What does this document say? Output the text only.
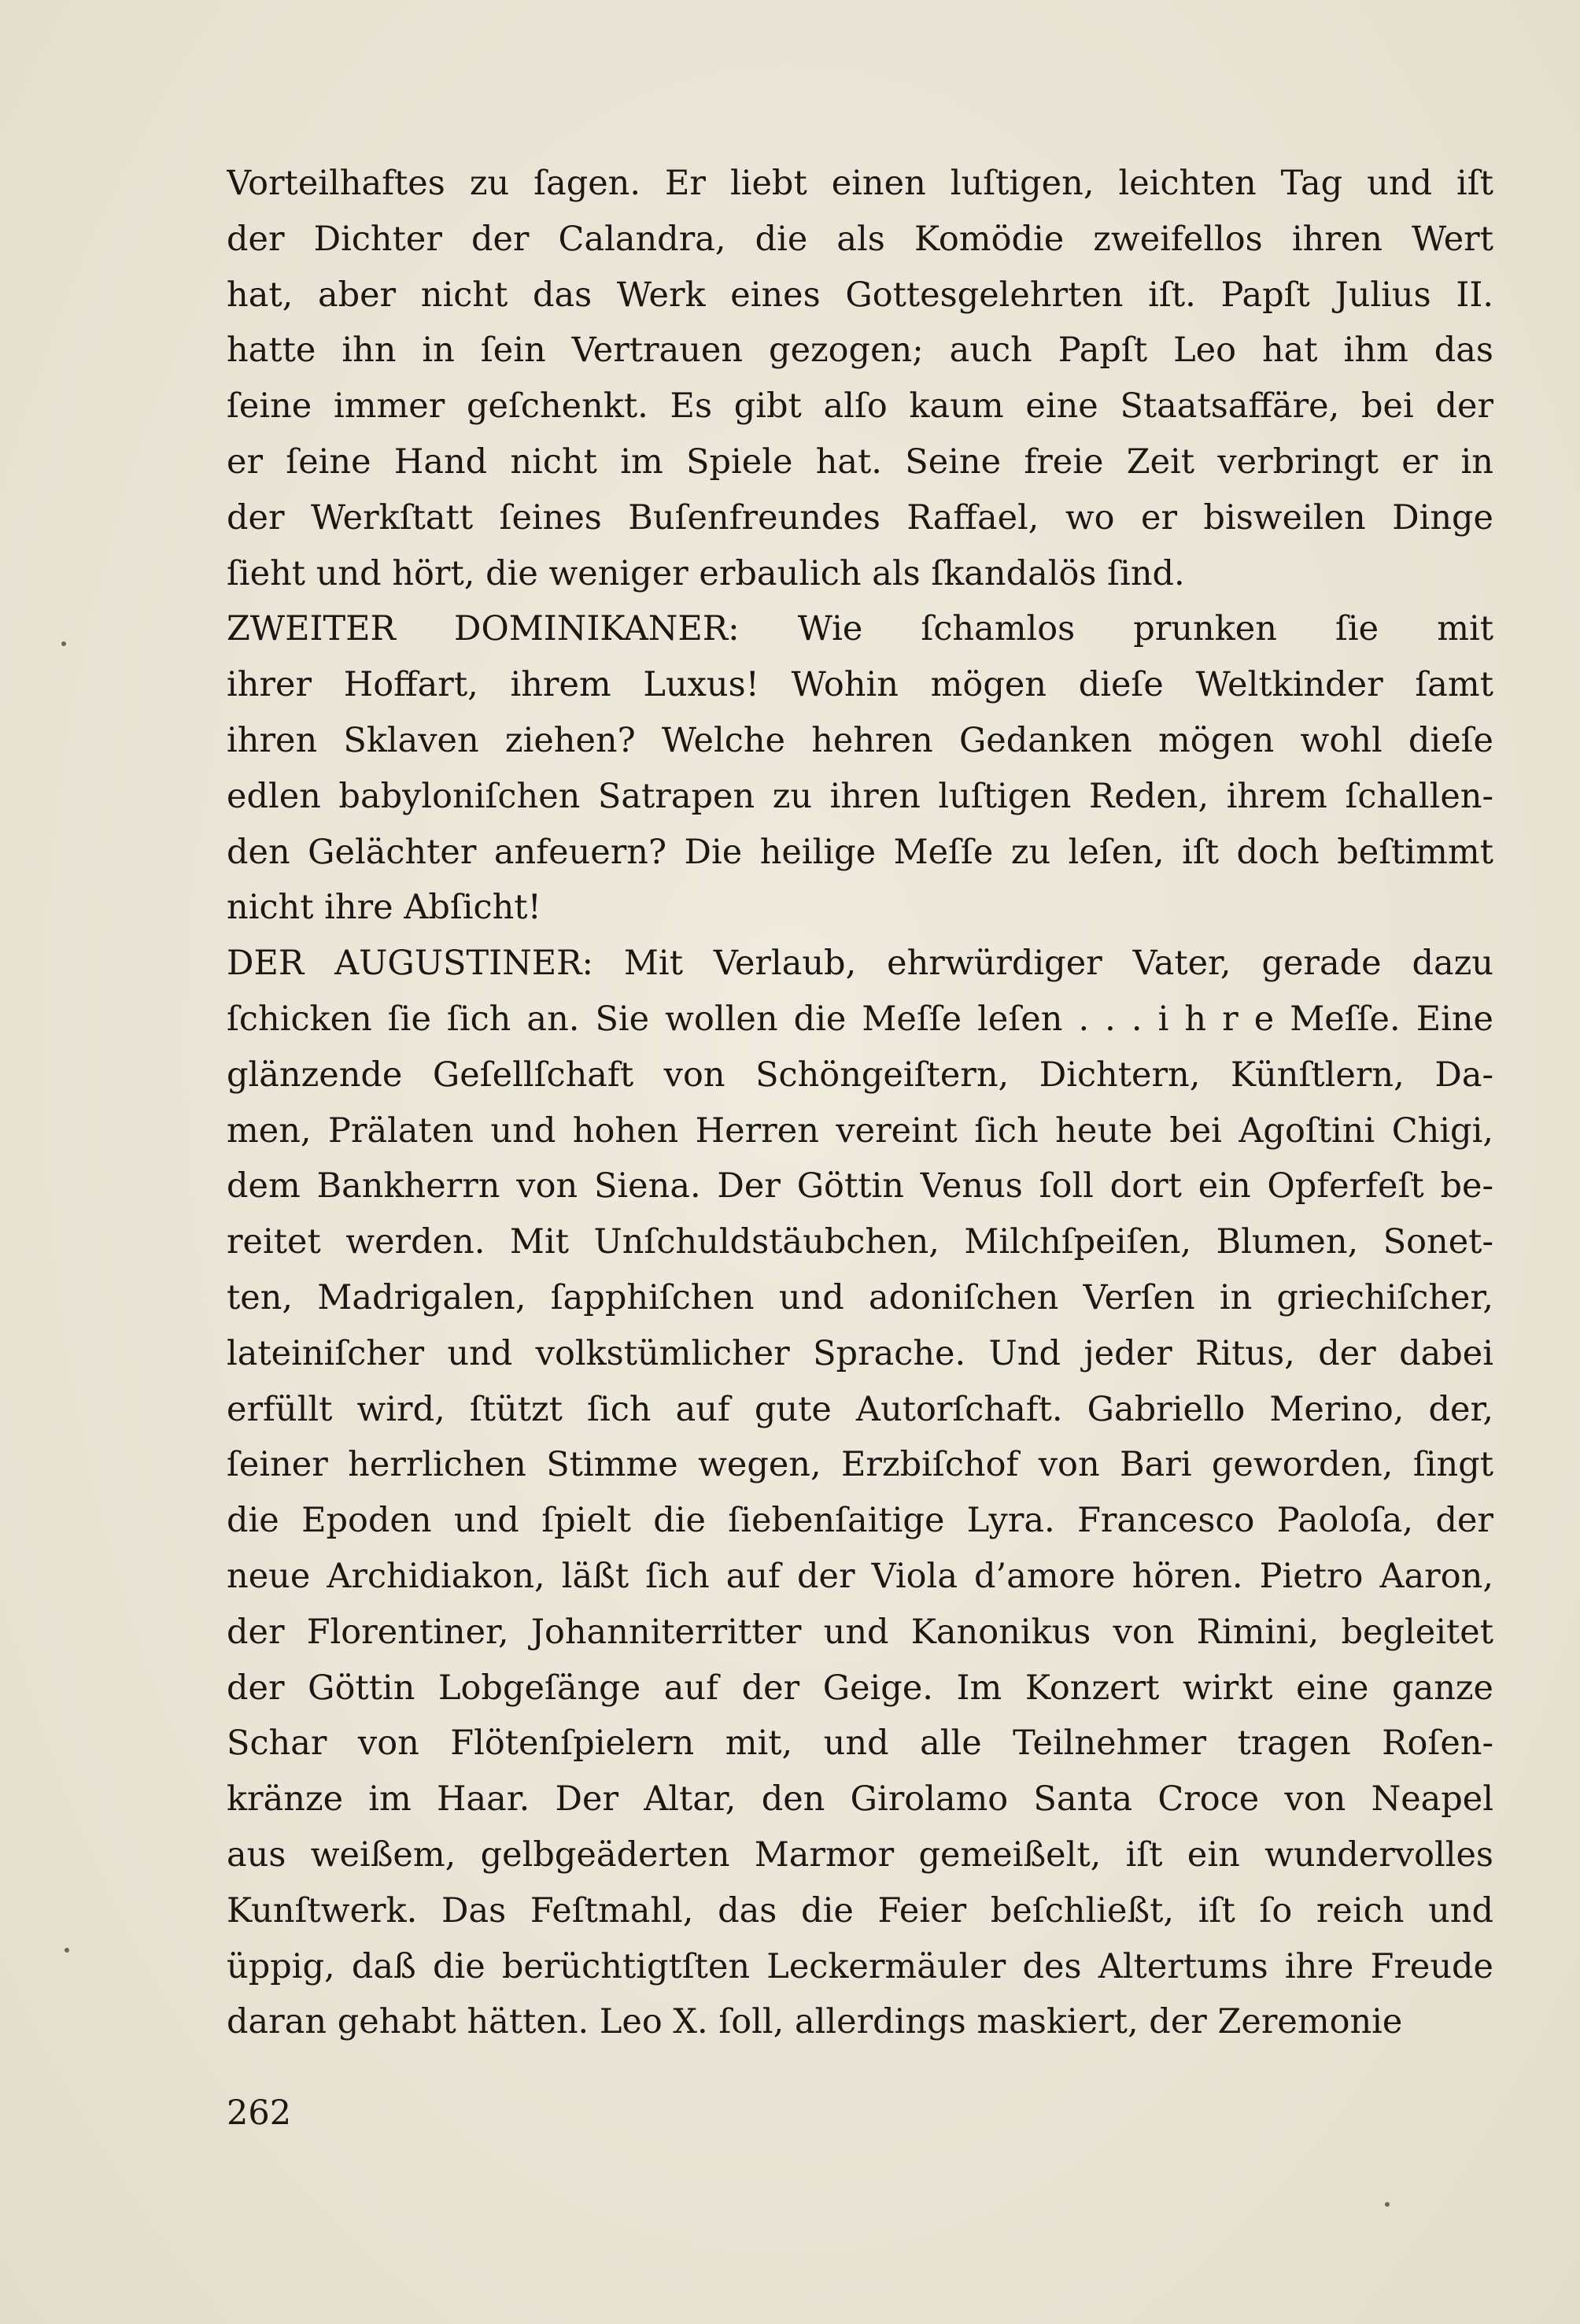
Vorteilhaftes zu ſagen. Er liebt einen luſtigen, leichten Tag und iſt
der Dichter der Calandra, die als Komödie zweifellos ihren Wert
hat, aber nicht das Werk eines Gottesgelehrten iſt. Papſt Julius II.
hatte ihn in ſein Vertrauen gezogen; auch Papſt Leo hat ihm das
ſeine immer geſchenkt. Es gibt alſo kaum eine Staatsaffäre, bei der
er ſeine Hand nicht im Spiele hat. Seine freie Zeit verbringt er in
der Werkſtatt ſeines Buſenfreundes Raffael, wo er bisweilen Dinge
ſieht und hört, die weniger erbaulich als ſkandalös ſind.
ZWEITER DOMINIKANER: Wie ſchamlos prunken ſie mit
ihrer Hoffart, ihrem Luxus! Wohin mögen dieſe Weltkinder ſamt
ihren Sklaven ziehen? Welche hehren Gedanken mögen wohl dieſe
edlen babyloniſchen Satrapen zu ihren luſtigen Reden, ihrem ſchallen-
den Gelächter anfeuern? Die heilige Meſſe zu leſen, iſt doch beſtimmt
nicht ihre Abſicht!
DER AUGUSTINER: Mit Verlaub, ehrwürdiger Vater, gerade dazu
ſchicken ſie ſich an. Sie wollen die Meſſe leſen . . . i h r e Meſſe. Eine
glänzende Geſellſchaft von Schöngeiſtern, Dichtern, Künſtlern, Da-
men, Prälaten und hohen Herren vereint ſich heute bei Agoſtini Chigi,
dem Bankherrn von Siena. Der Göttin Venus ſoll dort ein Opferfeſt be-
reitet werden. Mit Unſchuldstäubchen, Milchſpeiſen, Blumen, Sonet-
ten, Madrigalen, ſapphiſchen und adoniſchen Verſen in griechiſcher,
lateiniſcher und volkstümlicher Sprache. Und jeder Ritus, der dabei
erfüllt wird, ſtützt ſich auf gute Autorſchaft. Gabriello Merino, der,
ſeiner herrlichen Stimme wegen, Erzbiſchof von Bari geworden, ſingt
die Epoden und ſpielt die ſiebenſaitige Lyra. Francesco Paoloſa, der
neue Archidiakon, läßt ſich auf der Viola d’amore hören. Pietro Aaron,
der Florentiner, Johanniterritter und Kanonikus von Rimini, begleitet
der Göttin Lobgeſänge auf der Geige. Im Konzert wirkt eine ganze
Schar von Flötenſpielern mit, und alle Teilnehmer tragen Roſen-
kränze im Haar. Der Altar, den Girolamo Santa Croce von Neapel
aus weißem, gelbgeäderten Marmor gemeißelt, iſt ein wundervolles
Kunſtwerk. Das Feſtmahl, das die Feier beſchließt, iſt ſo reich und
üppig, daß die berüchtigtſten Leckermäuler des Altertums ihre Freude
daran gehabt hätten. Leo X. ſoll, allerdings maskiert, der Zeremonie
262
